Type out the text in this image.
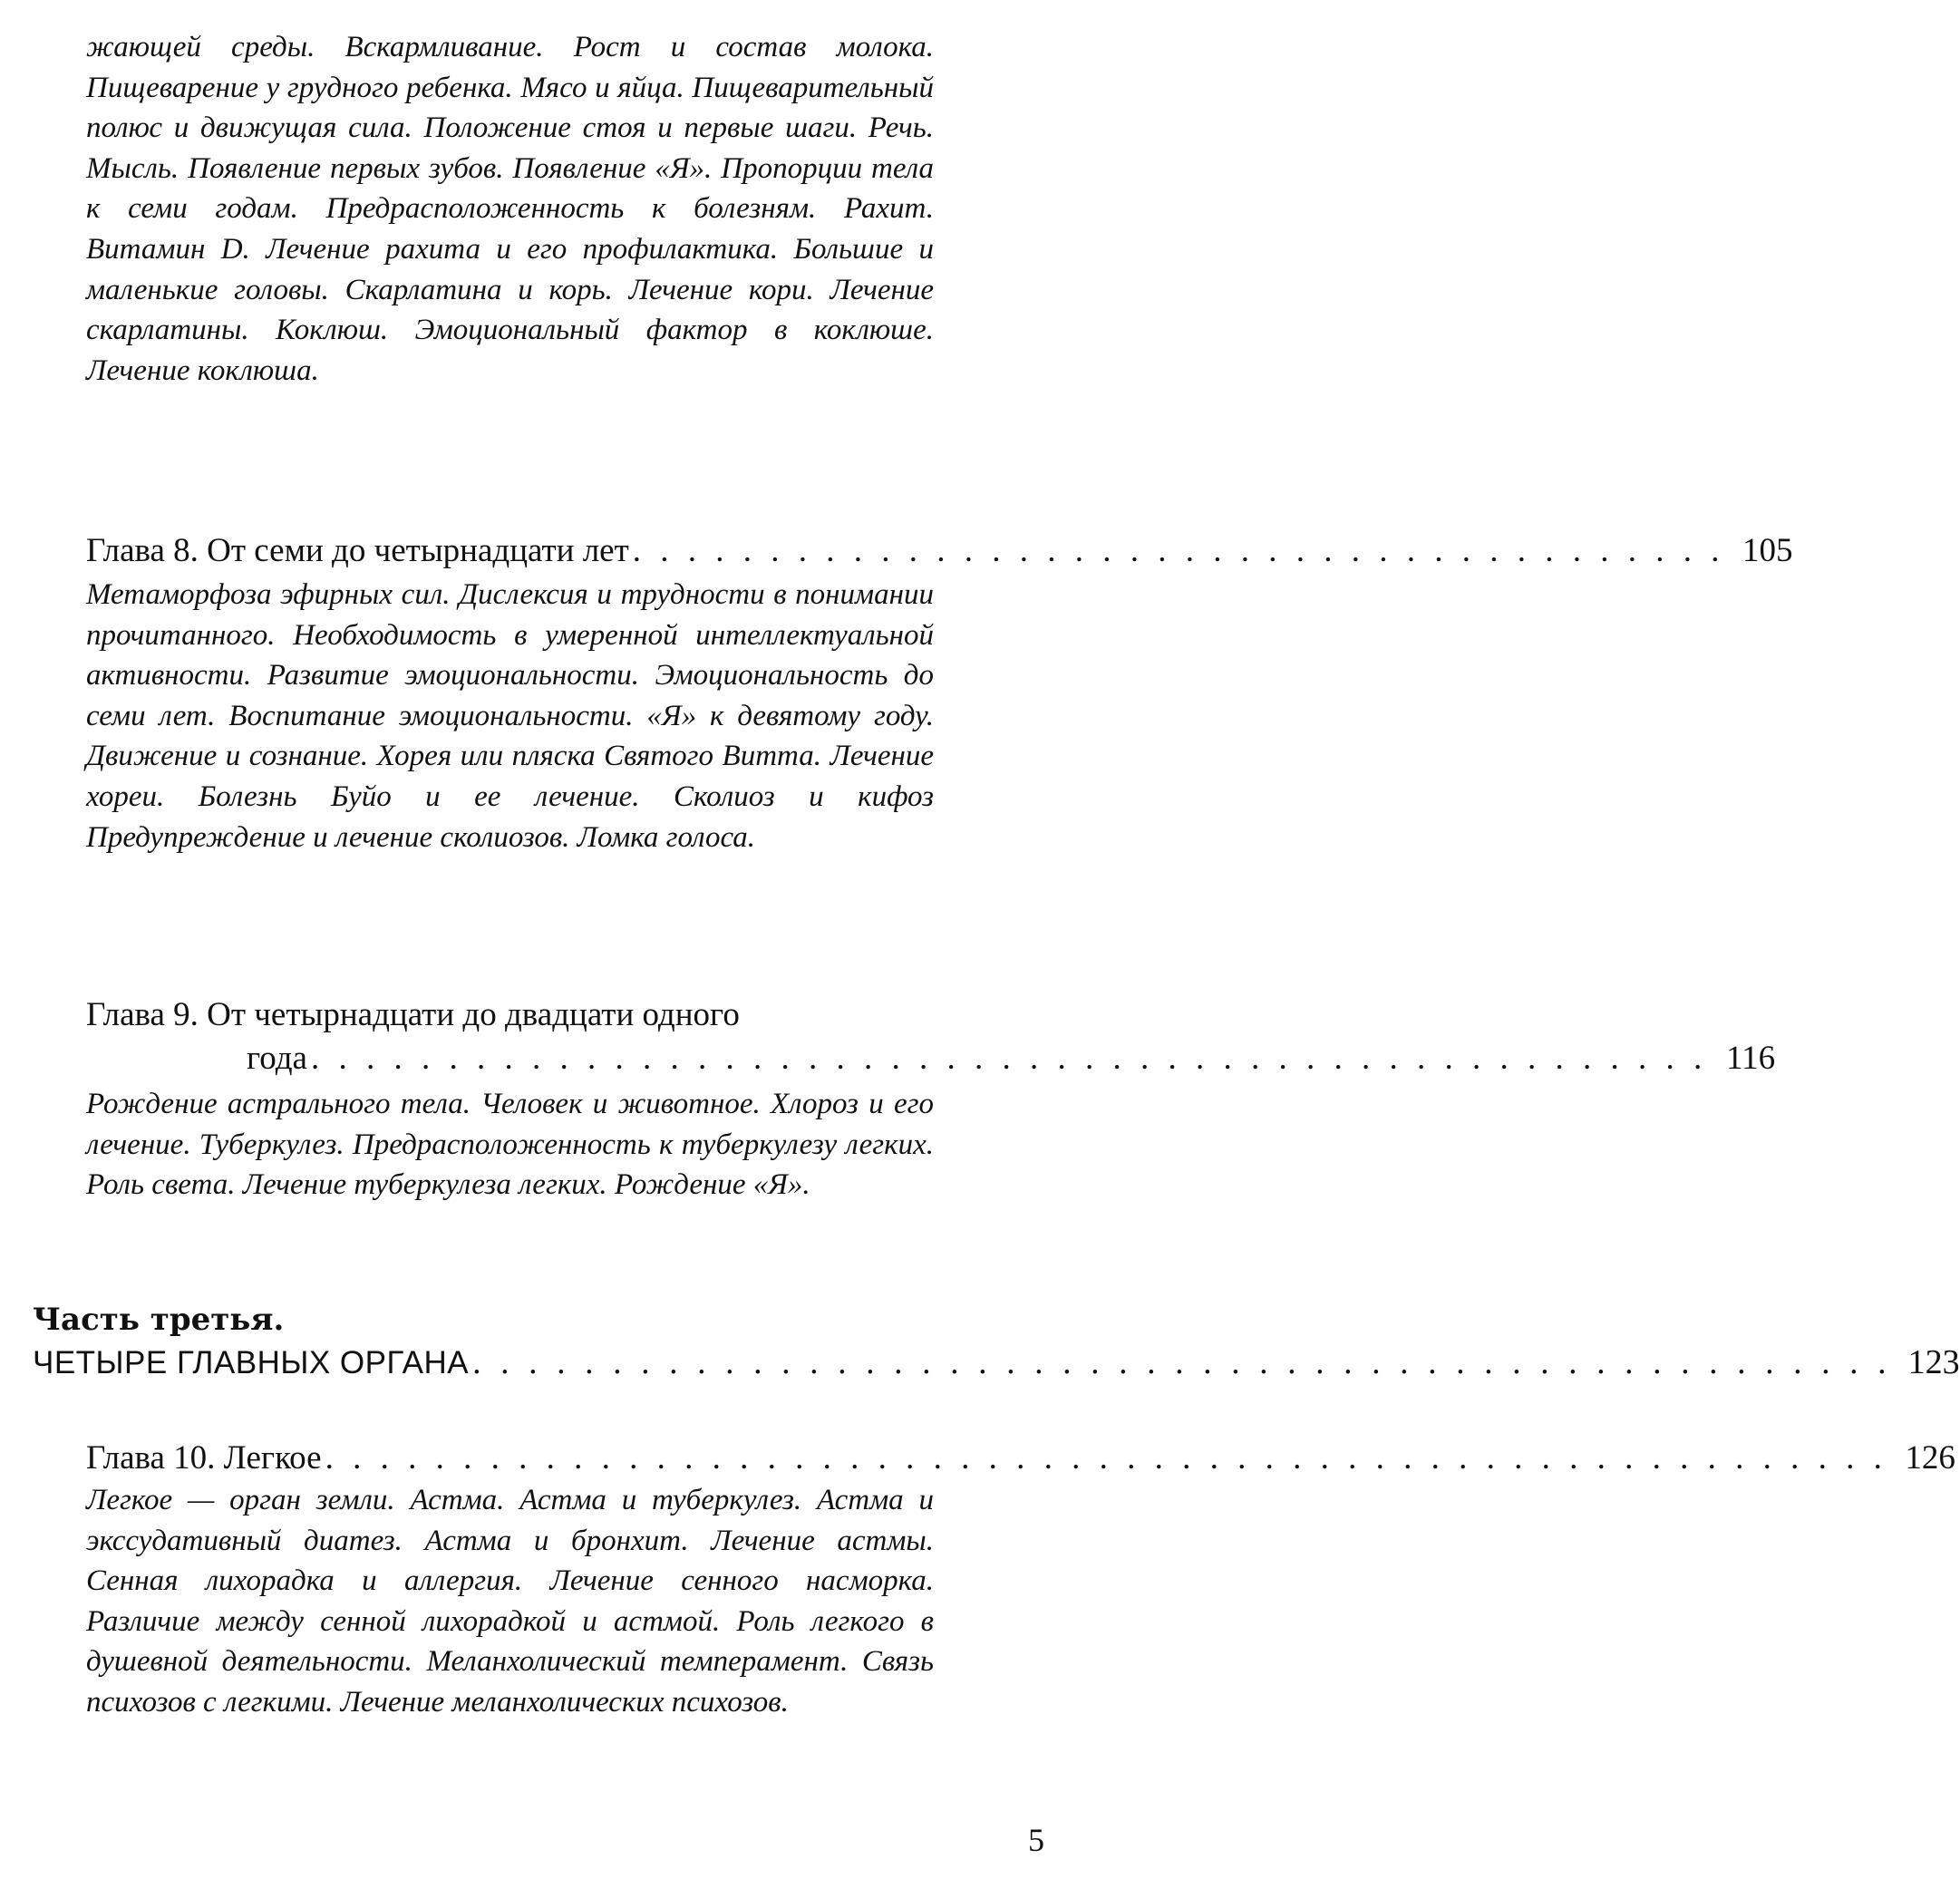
жающей среды. Вскармливание. Рост и состав молока. Пищеварение у грудного ребенка. Мясо и яйца. Пищеварительный полюс и движущая сила. Положение стоя и первые шаги. Речь. Мысль. Появление первых зубов. Появление «Я». Пропорции тела к семи годам. Предрасположенность к болезням. Рахит. Витамин D. Лечение рахита и его профилактика. Большие и маленькие головы. Скарлатина и корь. Лечение кори. Лечение скарлатины. Коклюш. Эмоциональный фактор в коклюше. Лечение коклюша.

Глава 8. От семи до четырнадцати лет . . . . . . . . . . . . . . . . . . . . . . . . . . . . . . . . . . . . . . . . 105

Метаморфоза эфирных сил. Дислексия и трудности в понимании прочитанного. Необходимость в умеренной интеллектуальной активности. Развитие эмоциональности. Эмоциональность до семи лет. Воспитание эмоциональности. «Я» к девятому году. Движение и сознание. Хорея или пляска Святого Витта. Лечение хореи. Болезнь Буйо и ее лечение. Сколиоз и кифоз Предупреждение и лечение сколиозов. Ломка голоса.

Глава 9. От четырнадцати до двадцати одного
года . . . . . . . . . . . . . . . . . . . . . . . . . . . . . . . . . . . . . . . . . . . . . . . . . . . 116

Рождение астрального тела. Человек и животное. Хлороз и его лечение. Туберкулез. Предрасположенность к туберкулезу легких. Роль света. Лечение туберкулеза легких. Рождение «Я».

Часть третья.
ЧЕТЫРЕ ГЛАВНЫХ ОРГАНА . . . . . . . . . . . . . . . . . . . . . . . . . . . . . . . . . . . . . . . . . . . . . . . . . . . 123
Глава 10. Легкое . . . . . . . . . . . . . . . . . . . . . . . . . . . . . . . . . . . . . . . . . . . . . . . . . . . . . . . . . 126

Легкое — орган земли. Астма. Астма и туберкулез. Астма и экссудативный диатез. Астма и бронхит. Лечение астмы. Сенная лихорадка и аллергия. Лечение сенного насморка. Различие между сенной лихорадкой и астмой. Роль легкого в душевной деятельности. Меланхолический темперамент. Связь психозов с легкими. Лечение меланхолических психозов.

5
